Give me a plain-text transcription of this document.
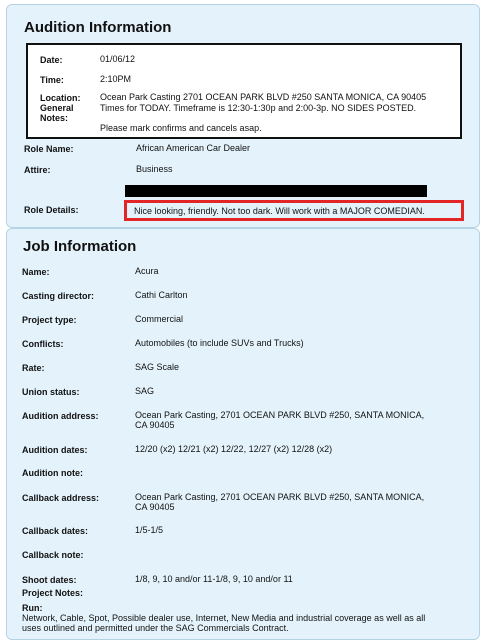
Audition Information
Date:	01/06/12
Time:	2:10PM
Location: Ocean Park Casting 2701 OCEAN PARK BLVD #250 SANTA MONICA, CA 90405
General
Notes:
Times for TODAY. Timeframe is 12:30-1:30p and 2:00-3p. NO SIDES POSTED.
Please mark confirms and cancels asap.
Role Name:	African American Car Dealer
Attire:	Business
Role Details:	Nice looking, friendly. Not too dark. Will work with a MAJOR COMEDIAN.
Job Information
Name:	Acura
Casting director:	Cathi Carlton
Project type:	Commercial
Conflicts:	Automobiles (to include SUVs and Trucks)
Rate:	SAG Scale
Union status:	SAG
Audition address:	Ocean Park Casting, 2701 OCEAN PARK BLVD #250, SANTA MONICA,
CA 90405
Audition dates:	12/20 (x2) 12/21 (x2) 12/22, 12/27 (x2) 12/28 (x2)
Audition note:
Callback address:	Ocean Park Casting, 2701 OCEAN PARK BLVD #250, SANTA MONICA,
CA 90405
Callback dates:	1/5-1/5
Callback note:
Shoot dates:	1/8, 9, 10 and/or 11-1/8, 9, 10 and/or 11
Project Notes:
Run:
Network, Cable, Spot, Possible dealer use, Internet, New Media and industrial coverage as well as all
uses outlined and permitted under the SAG Commercials Contract.
